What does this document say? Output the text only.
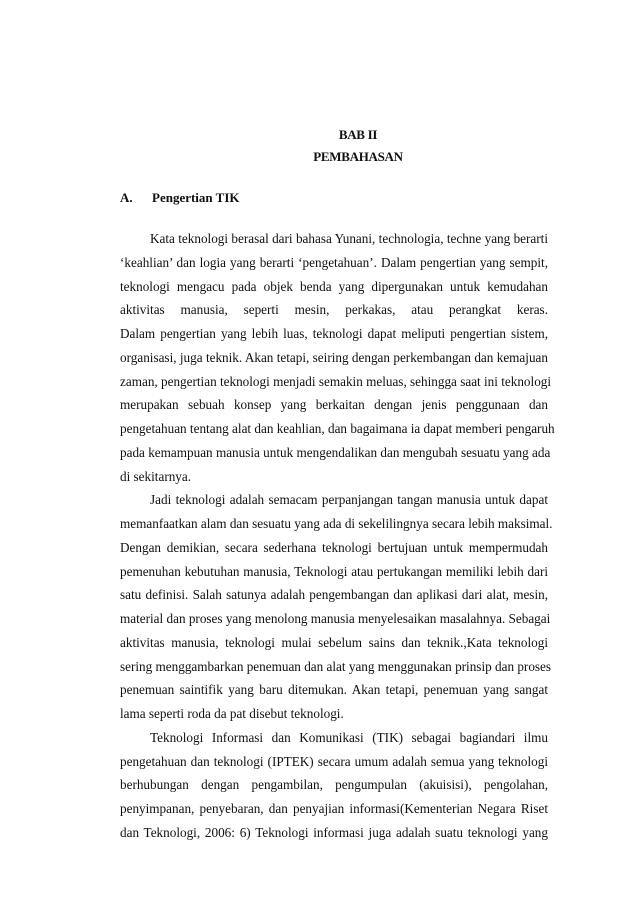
BAB II
PEMBAHASAN
A. Pengertian TIK
Kata teknologi berasal dari bahasa Yunani, technologia, techne yang berarti
‘keahlian’ dan logia yang berarti ‘pengetahuan’. Dalam pengertian yang sempit,
teknologi mengacu pada objek benda yang dipergunakan untuk kemudahan
aktivitas manusia, seperti mesin, perkakas, atau perangkat keras.
Dalam pengertian yang lebih luas, teknologi dapat meliputi pengertian sistem,
organisasi, juga teknik. Akan tetapi, seiring dengan perkembangan dan kemajuan
zaman, pengertian teknologi menjadi semakin meluas, sehingga saat ini teknologi
merupakan sebuah konsep yang berkaitan dengan jenis penggunaan dan
pengetahuan tentang alat dan keahlian, dan bagaimana ia dapat memberi pengaruh
pada kemampuan manusia untuk mengendalikan dan mengubah sesuatu yang ada
di sekitarnya.
Jadi teknologi adalah semacam perpanjangan tangan manusia untuk dapat
memanfaatkan alam dan sesuatu yang ada di sekelilingnya secara lebih maksimal.
Dengan demikian, secara sederhana teknologi bertujuan untuk mempermudah
pemenuhan kebutuhan manusia, Teknologi atau pertukangan memiliki lebih dari
satu definisi. Salah satunya adalah pengembangan dan aplikasi dari alat, mesin,
material dan proses yang menolong manusia menyelesaikan masalahnya. Sebagai
aktivitas manusia, teknologi mulai sebelum sains dan teknik.,Kata teknologi
sering menggambarkan penemuan dan alat yang menggunakan prinsip dan proses
penemuan saintifik yang baru ditemukan. Akan tetapi, penemuan yang sangat
lama seperti roda da pat disebut teknologi.
Teknologi Informasi dan Komunikasi (TIK) sebagai bagiandari ilmu
pengetahuan dan teknologi (IPTEK) secara umum adalah semua yang teknologi
berhubungan dengan pengambilan, pengumpulan (akuisisi), pengolahan,
penyimpanan, penyebaran, dan penyajian informasi(Kementerian Negara Riset
dan Teknologi, 2006: 6) Teknologi informasi juga adalah suatu teknologi yang
